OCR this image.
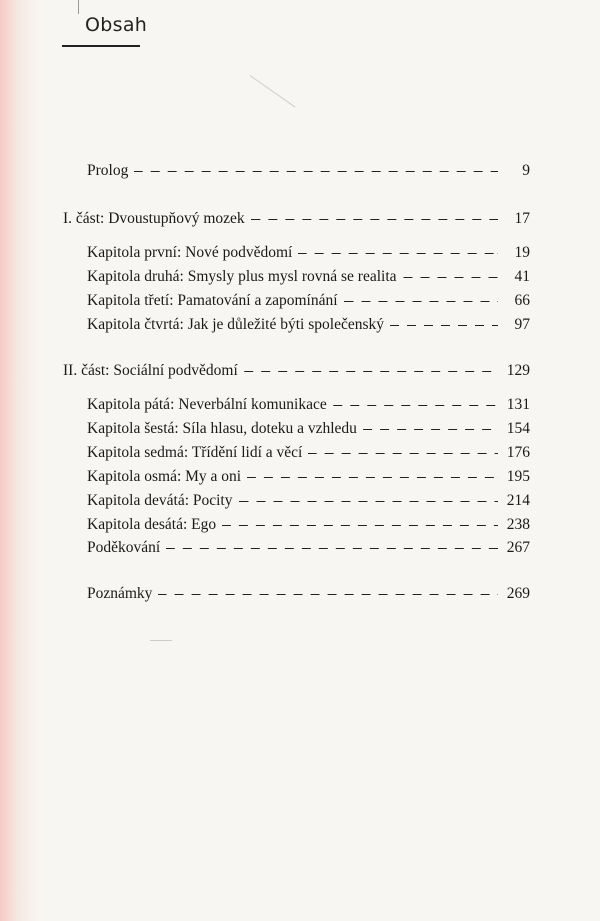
Obsah
Prolog	9
I. část: Dvoustupňový mozek	17
Kapitola první: Nové podvědomí	19
Kapitola druhá: Smysly plus mysl rovná se realita	41
Kapitola třetí: Pamatování a zapomínání	66
Kapitola čtvrtá: Jak je důležité býti společenský	97
II. část: Sociální podvědomí	129
Kapitola pátá: Neverbální komunikace	131
Kapitola šestá: Síla hlasu, doteku a vzhledu	154
Kapitola sedmá: Třídění lidí a věcí	176
Kapitola osmá: My a oni	195
Kapitola devátá: Pocity	214
Kapitola desátá: Ego	238
Poděkování	267
Poznámky	269
